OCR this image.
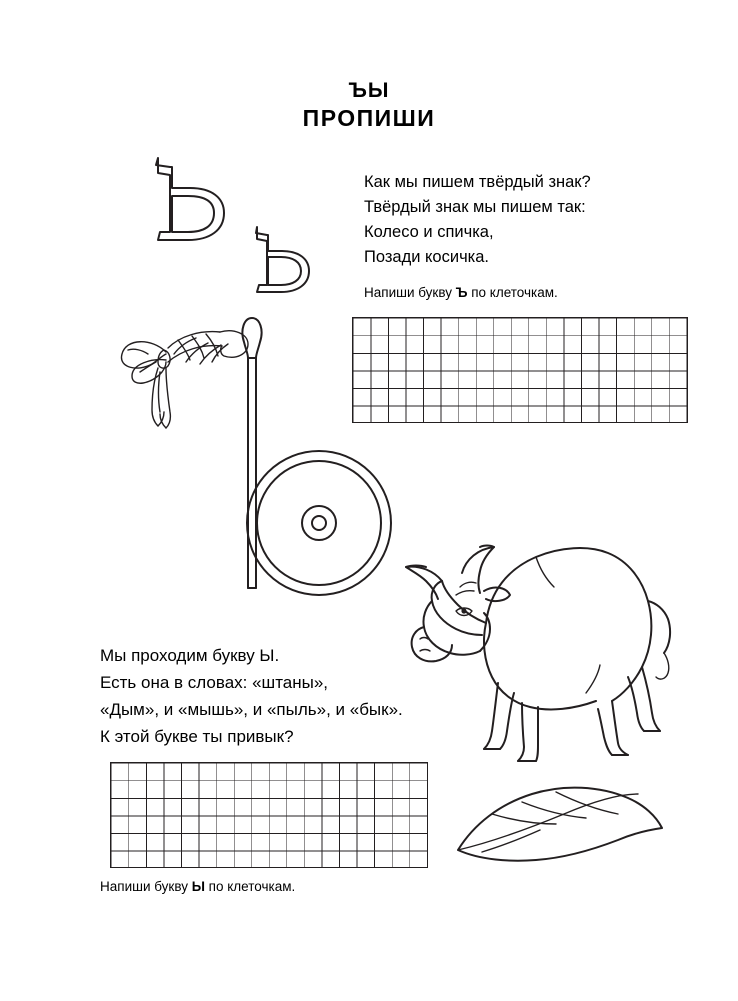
ЪЫ
ПРОПИШИ
Как мы пишем твёрдый знак?
Твёрдый знак мы пишем так:
Колесо и спичка,
Позади косичка.
Напиши букву Ъ по клеточкам.
Мы проходим букву Ы.
Есть она в словах: «штаны»,
«Дым», и «мышь», и «пыль», и «бык».
К этой букве ты привык?
Напиши букву Ы по клеточкам.
